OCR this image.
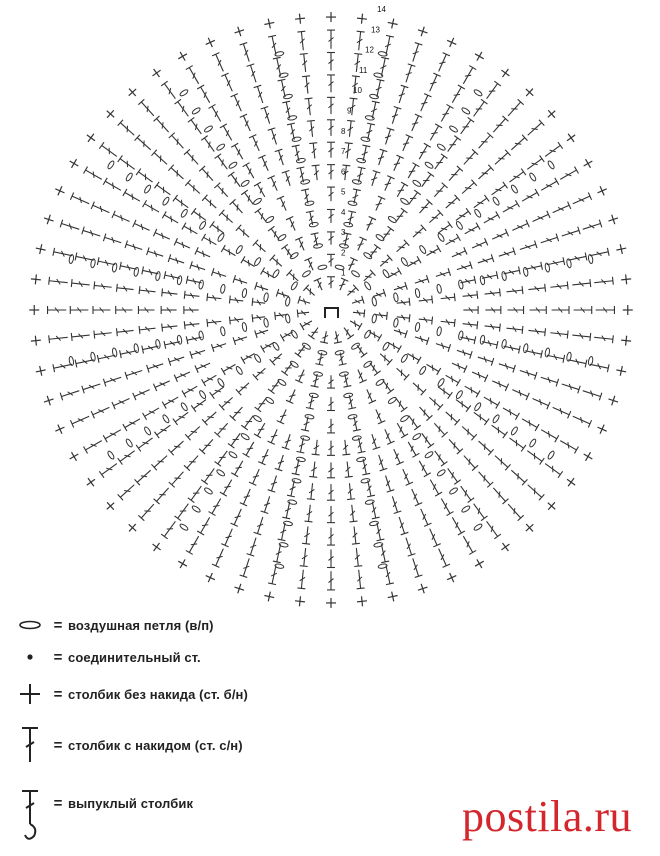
1
2
3
4
5
6
7
8
9
10
11
12
13
14
= воздушная петля (в/п)
= соединительный ст.
= столбик без накида (ст. б/н)
= столбик с накидом (ст. с/н)
= выпуклый столбик	postila . ru
